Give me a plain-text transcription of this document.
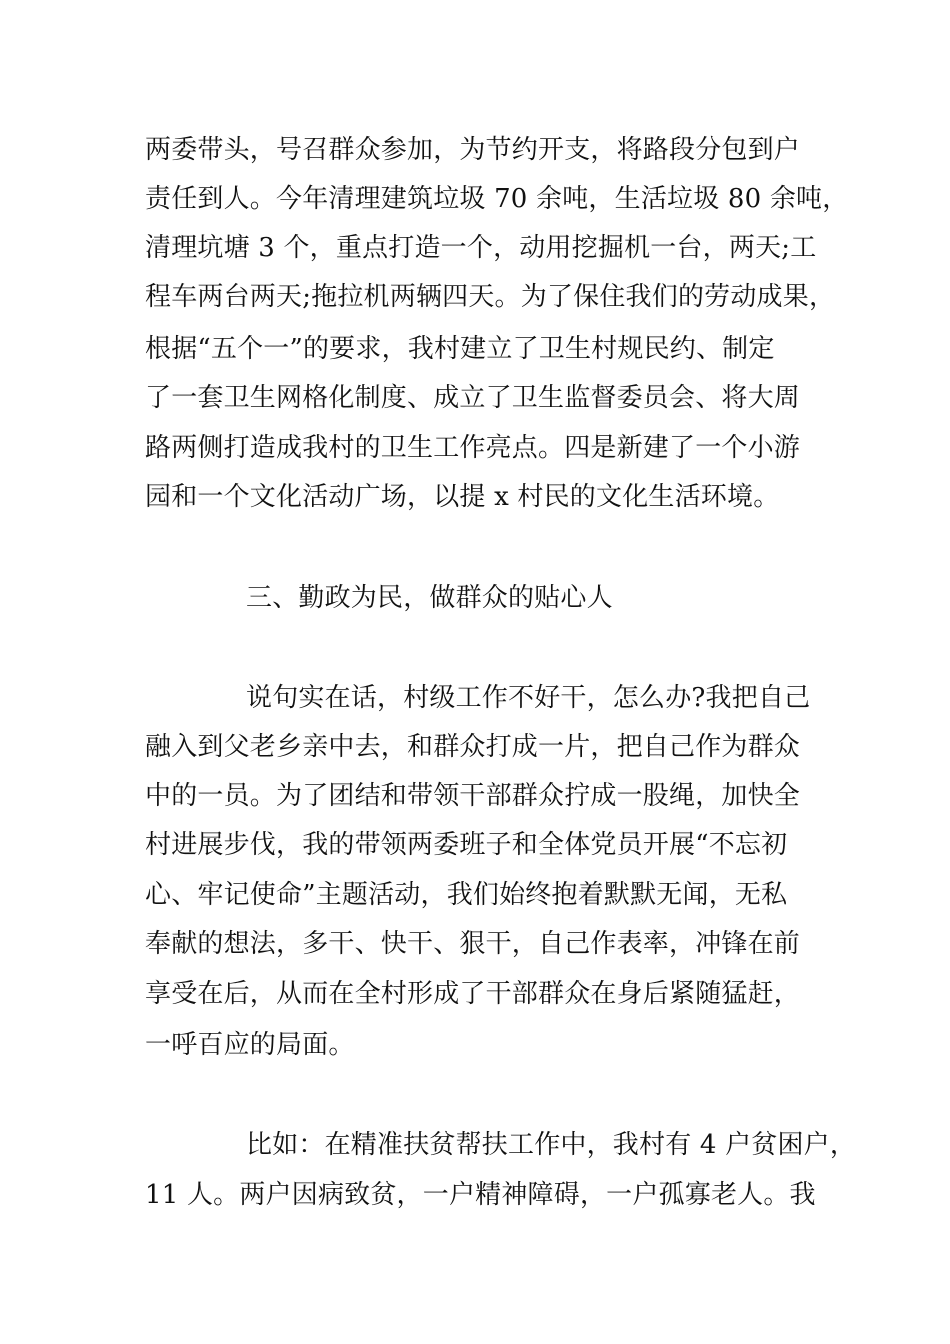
两委带头，号召群众参加，为节约开支，将路段分包到户
责任到人。今年清理建筑垃圾 70 余吨，生活垃圾 80 余吨，
清理坑塘 3 个，重点打造一个，动用挖掘机一台，两天;工
程车两台两天;拖拉机两辆四天。为了保住我们的劳动成果，
根据“五个一”的要求，我村建立了卫生村规民约、制定
了一套卫生网格化制度、成立了卫生监督委员会、将大周
路两侧打造成我村的卫生工作亮点。四是新建了一个小游
园和一个文化活动广场，以提 x 村民的文化生活环境。
三、勤政为民，做群众的贴心人
说句实在话，村级工作不好干，怎么办?我把自己
融入到父老乡亲中去，和群众打成一片，把自己作为群众
中的一员。为了团结和带领干部群众拧成一股绳，加快全
村进展步伐，我的带领两委班子和全体党员开展“不忘初
心、牢记使命”主题活动，我们始终抱着默默无闻，无私
奉献的想法，多干、快干、狠干，自己作表率，冲锋在前
享受在后，从而在全村形成了干部群众在身后紧随猛赶，
一呼百应的局面。
比如：在精准扶贫帮扶工作中，我村有 4 户贫困户，
11 人。两户因病致贫，一户精神障碍，一户孤寡老人。我
